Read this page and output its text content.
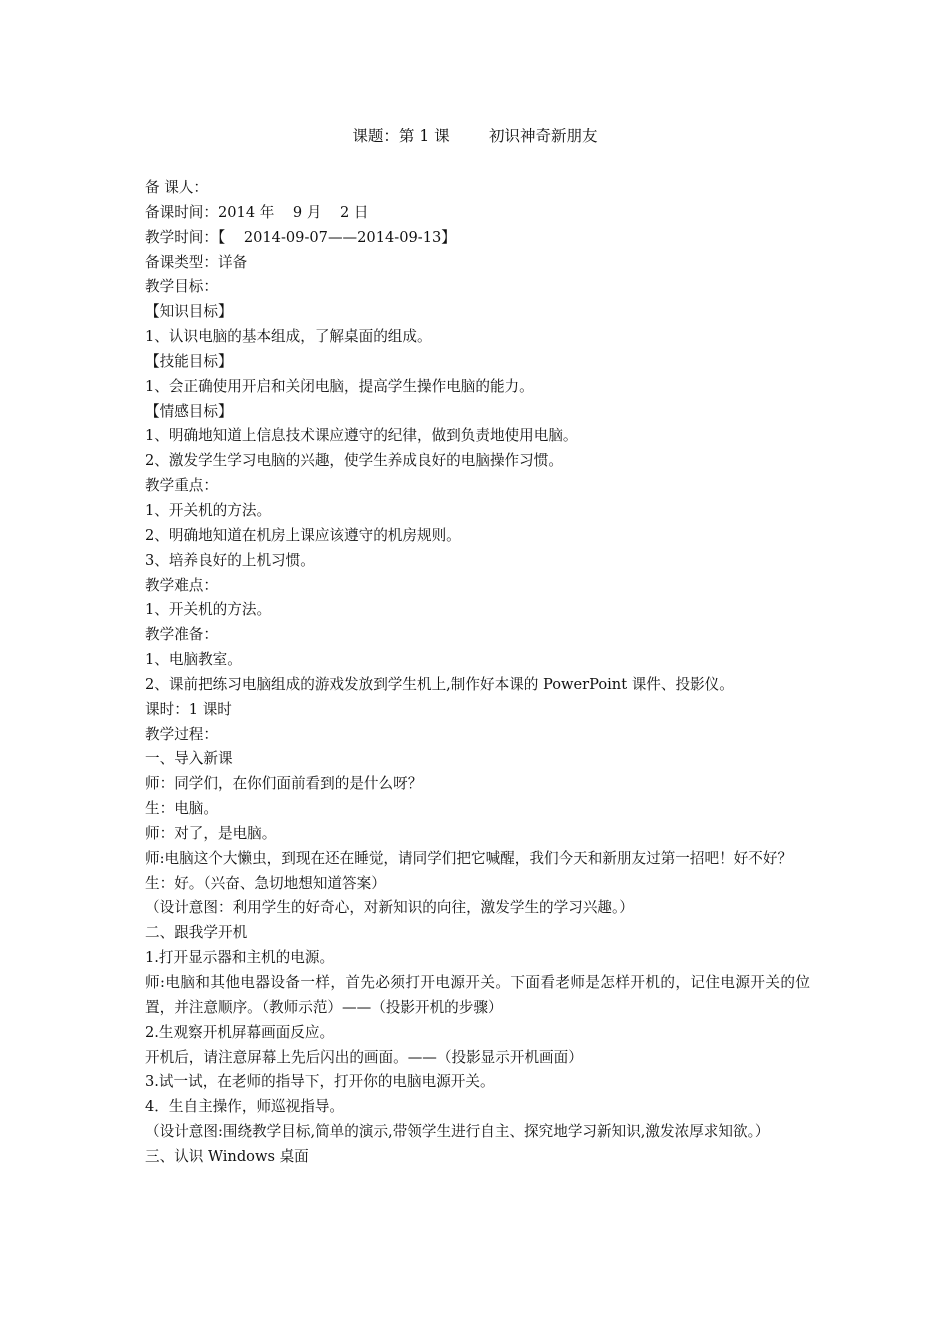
课题：第 1 课        初识神奇新朋友
备 课人：
备课时间：2014 年    9 月    2 日
教学时间：【    2014-09-07——2014-09-13】
备课类型：详备
教学目标：
【知识目标】
1、认识电脑的基本组成，了解桌面的组成。
【技能目标】
1、会正确使用开启和关闭电脑，提高学生操作电脑的能力。
【情感目标】
1、明确地知道上信息技术课应遵守的纪律，做到负责地使用电脑。
2、激发学生学习电脑的兴趣，使学生养成良好的电脑操作习惯。
教学重点：
1、开关机的方法。
2、明确地知道在机房上课应该遵守的机房规则。
3、培养良好的上机习惯。
教学难点：
1、开关机的方法。
教学准备：
1、电脑教室。
2、课前把练习电脑组成的游戏发放到学生机上,制作好本课的 PowerPoint 课件、投影仪。
课时：1 课时
教学过程：
一、导入新课
师：同学们，在你们面前看到的是什么呀？
生：电脑。
师：对了，是电脑。
师:电脑这个大懒虫，到现在还在睡觉，请同学们把它喊醒，我们今天和新朋友过第一招吧！好不好？
生：好。（兴奋、急切地想知道答案）
（设计意图：利用学生的好奇心，对新知识的向往，激发学生的学习兴趣。）
二、跟我学开机
1.打开显示器和主机的电源。
师:电脑和其他电器设备一样，首先必须打开电源开关。下面看老师是怎样开机的，记住电源开关的位置，并注意顺序。（教师示范）——（投影开机的步骤）
2.生观察开机屏幕画面反应。
开机后，请注意屏幕上先后闪出的画面。——（投影显示开机画面）
3.试一试，在老师的指导下，打开你的电脑电源开关。
4．生自主操作，师巡视指导。
（设计意图:围绕教学目标,简单的演示,带领学生进行自主、探究地学习新知识,激发浓厚求知欲。）
三、认识 Windows 桌面
